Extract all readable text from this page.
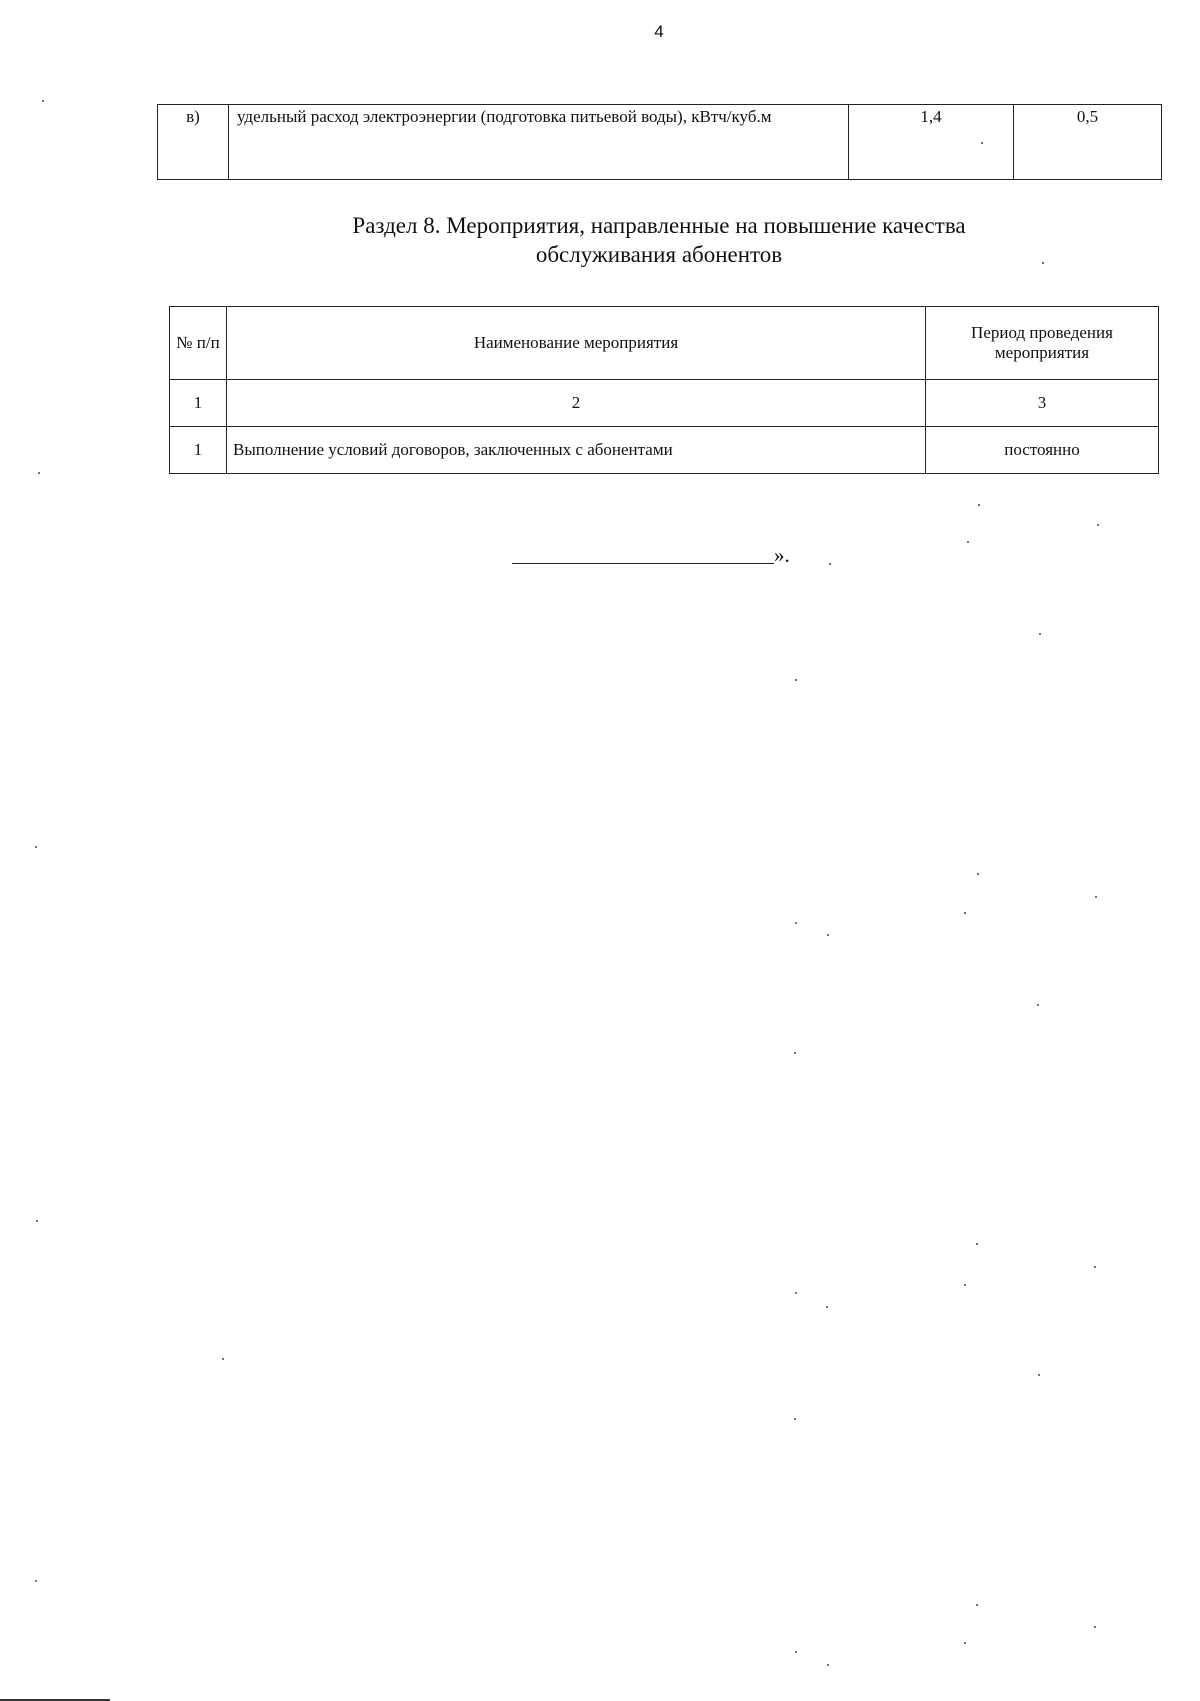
4
в)	удельный расход электроэнергии (подготовка питьевой воды), кВтч/куб.м	1,4	0,5
Раздел 8. Мероприятия, направленные на повышение качества
обслуживания абонентов
№ п/п	Наименование мероприятия	Период проведения мероприятия
1	2	3
1	Выполнение условий договоров, заключенных с абонентами	постоянно
».
